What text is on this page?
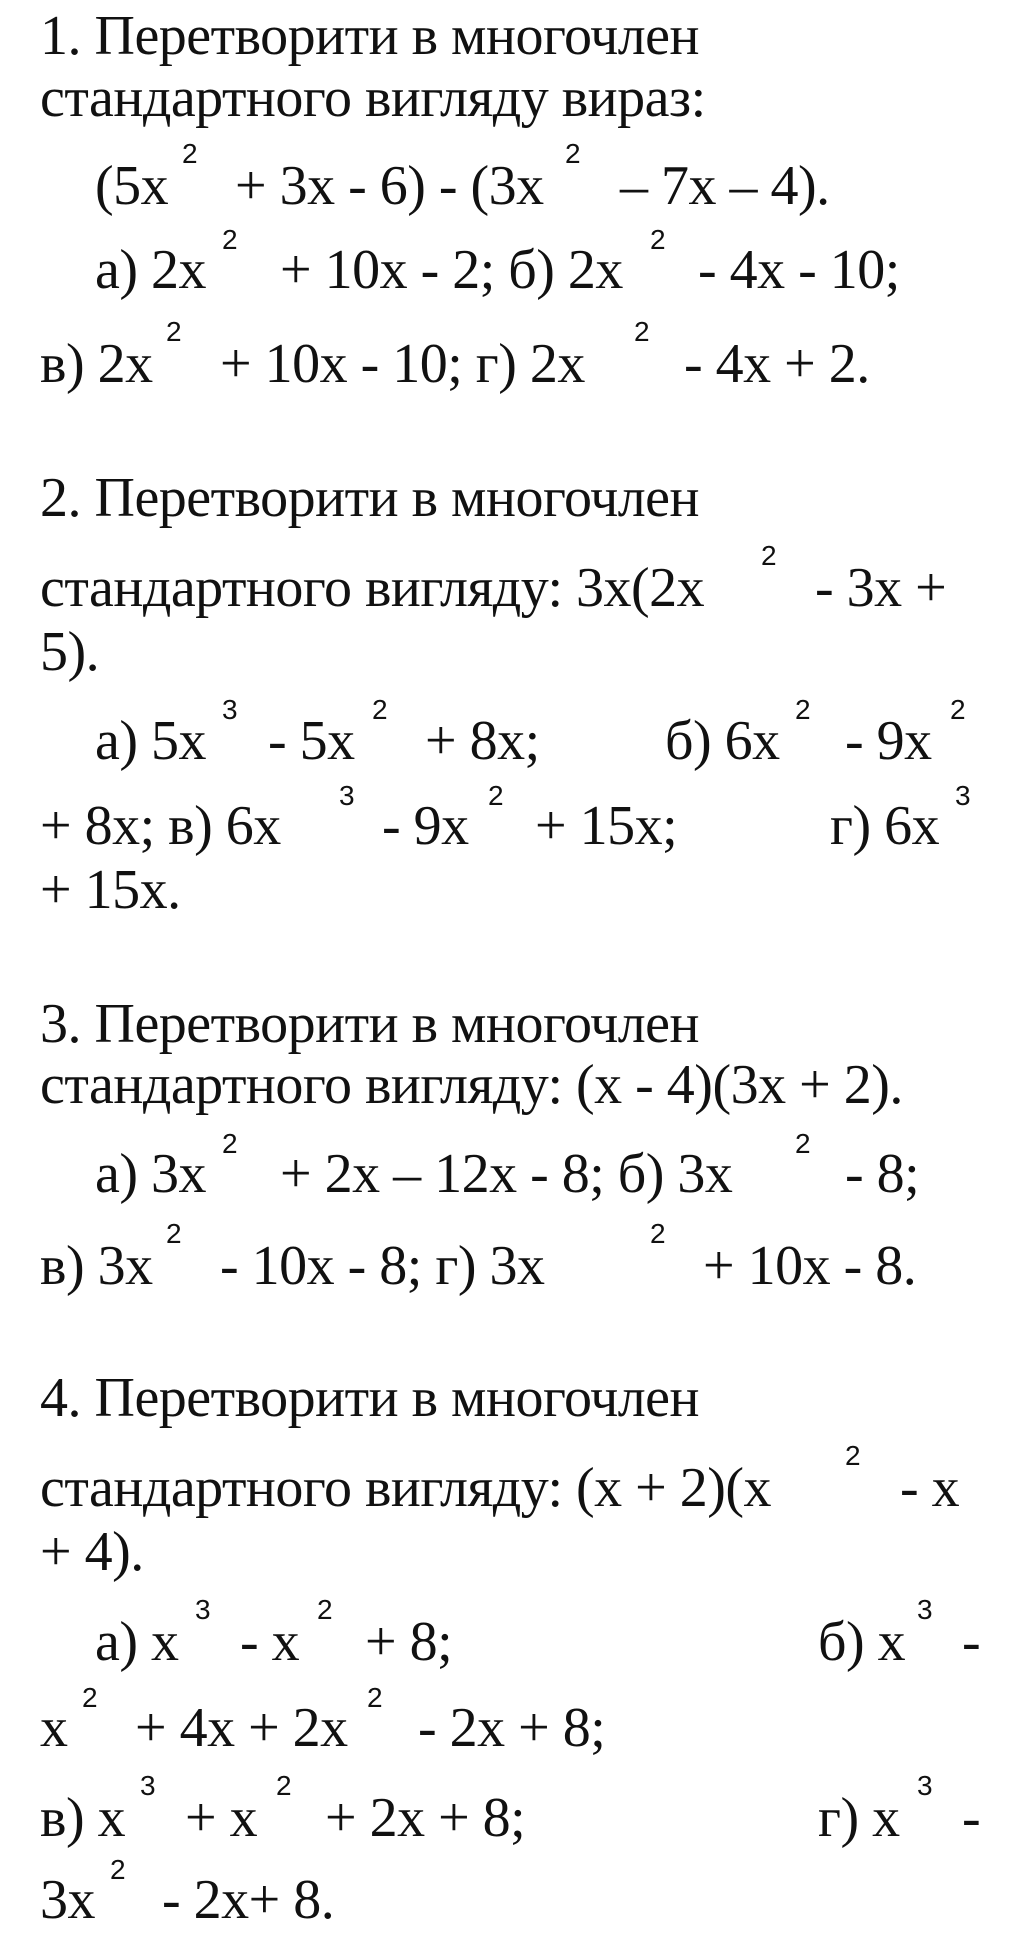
1. Перетворити в многочлен
стандартного вигляду вираз:
(5x
2
+ 3x - 6) - (3x
2
– 7x – 4).
а) 2x 2 + 10x - 2; б) 2x 2 - 4x - 10;
в) 2x
2
+ 10x - 10; г) 2x
2
- 4x + 2.
2. Перетворити в многочлен
стандартного вигляду: 3x(2x
2
- 3x +
5).
а) 5x
3
- 5x
2
+ 8x; б) 6x
2
- 9x
2
+ 8x; в) 6x 3 - 9x 2 + 15x;	г) 6x 3
+ 15x.
3. Перетворити в многочлен
стандартного вигляду: (x - 4)(3x + 2).
а) 3x 2 + 2x – 12x - 8; б) 3x 2 - 8;
в) 3x
2
- 10x - 8; г) 3x
2
+ 10x - 8.
4. Перетворити в многочлен
стандартного вигляду: (x + 2)(x
2
- x
+ 4).
а) x
3
- x
2
+ 8;	б) x
3
-
x 2 + 4x + 2x 2 - 2x + 8;
в) x
3
+ x
2
+ 2x + 8;	г) x
3
-
3x 2 - 2x+ 8.
